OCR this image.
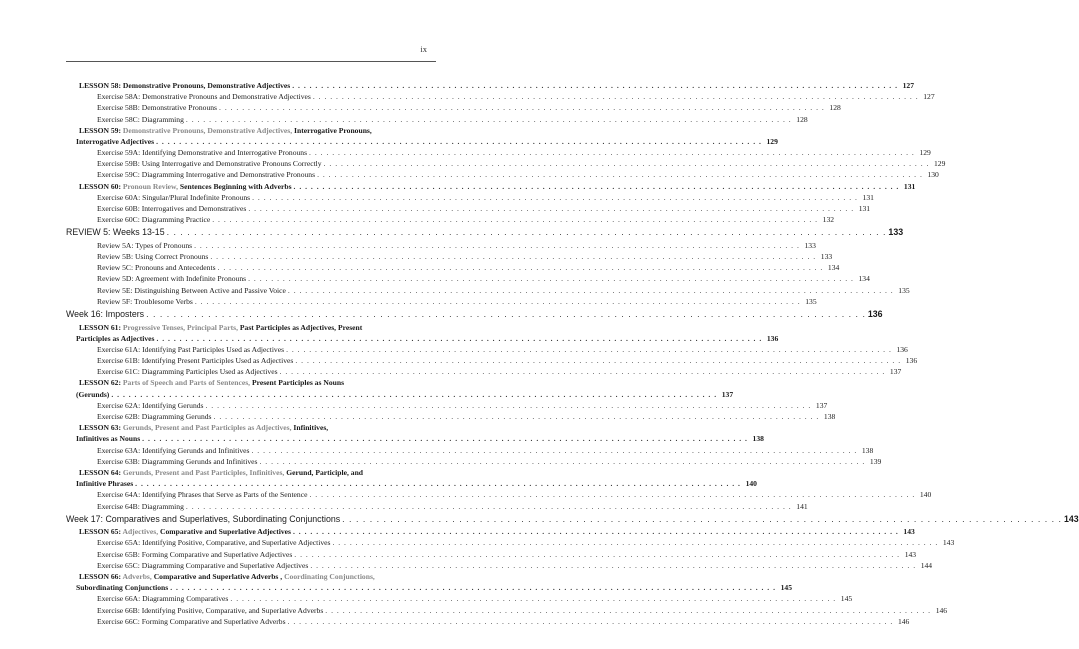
ix
LESSON 58: Demonstrative Pronouns, Demonstrative Adjectives . . .	127
Exercise 58A: Demonstrative Pronouns and Demonstrative Adjectives . . .	127
Exercise 58B: Demonstrative Pronouns . . .	128
Exercise 58C: Diagramming . . .	128
LESSON 59: Demonstrative Pronouns, Demonstrative Adjectives, Interrogative Pronouns,
Interrogative Adjectives . . .	129
Exercise 59A: Identifying Demonstrative and Interrogative Pronouns . . .	129
Exercise 59B: Using Interrogative and Demonstrative Pronouns Correctly . . .	129
Exercise 59C: Diagramming Interrogative and Demonstrative Pronouns . . .	130
LESSON 60: Pronoun Review, Sentences Beginning with Adverbs . . .	131
Exercise 60A: Singular/Plural Indefinite Pronouns . . .	131
Exercise 60B: Interrogatives and Demonstratives . . .	131
Exercise 60C: Diagramming Practice . . .	132
REVIEW 5: Weeks 13-15 . . .	133
Review 5A: Types of Pronouns . . .	133
Review 5B: Using Correct Pronouns . . .	133
Review 5C: Pronouns and Antecedents . . .	134
Review 5D: Agreement with Indefinite Pronouns . . .	134
Review 5E: Distinguishing Between Active and Passive Voice . . .	135
Review 5F: Troublesome Verbs . . .	135
Week 16: Imposters . . .	136
LESSON 61: Progressive Tenses, Principal Parts, Past Participles as Adjectives, Present
Participles as Adjectives . . .	136
Exercise 61A: Identifying Past Participles Used as Adjectives . . .	136
Exercise 61B: Identifying Present Participles Used as Adjectives . . .	136
Exercise 61C: Diagramming Participles Used as Adjectives . . .	137
LESSON 62: Parts of Speech and Parts of Sentences, Present Participles as Nouns
(Gerunds) . . .	137
Exercise 62A: Identifying Gerunds . . .	137
Exercise 62B: Diagramming Gerunds . . .	138
LESSON 63: Gerunds, Present and Past Participles as Adjectives, Infinitives,
Infinitives as Nouns . . .	138
Exercise 63A: Identifying Gerunds and Infinitives . . .	138
Exercise 63B: Diagramming Gerunds and Infinitives . . .	139
LESSON 64: Gerunds, Present and Past Participles, Infinitives, Gerund, Participle, and
Infinitive Phrases . . .	140
Exercise 64A: Identifying Phrases that Serve as Parts of the Sentence . . .	140
Exercise 64B: Diagramming . . .	141
Week 17: Comparatives and Superlatives, Subordinating Conjunctions . . .	143
LESSON 65: Adjectives, Comparative and Superlative Adjectives . . .	143
Exercise 65A: Identifying Positive, Comparative, and Superlative Adjectives . . .	143
Exercise 65B: Forming Comparative and Superlative Adjectives . . .	143
Exercise 65C: Diagramming Comparative and Superlative Adjectives . . .	144
LESSON 66: Adverbs, Comparative and Superlative Adverbs , Coordinating Conjunctions,
Subordinating Conjunctions . . .	145
Exercise 66A: Diagramming Comparatives . . .	145
Exercise 66B: Identifying Positive, Comparative, and Superlative Adverbs . . .	146
Exercise 66C: Forming Comparative and Superlative Adverbs . . .	146
